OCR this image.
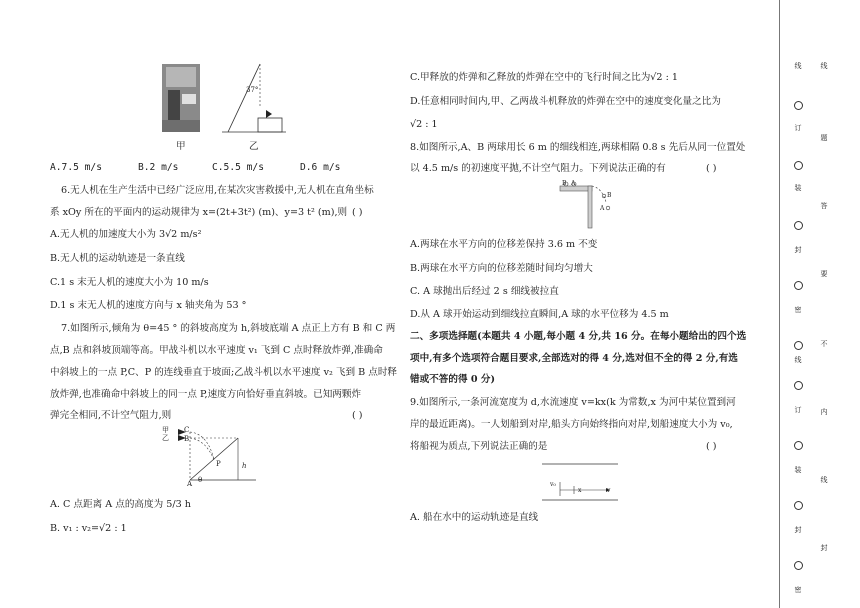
37°
甲	乙
A.7.5 m/s	B.2 m/s	C.5.5 m/s	D.6 m/s
6.无人机在生产生活中已经广泛应用,在某次灾害救援中,无人机在直角坐标
系 xOy 所在的平面内的运动规律为 x=(2t+3t²) (m)、y=3 t² (m),则 ( )
A.无人机的加速度大小为 3√2 m/s²
B.无人机的运动轨迹是一条直线
C.1 s 末无人机的速度大小为 10 m/s
D.1 s 末无人机的速度方向与 x 轴夹角为 53 °
7.如图所示,倾角为 θ=45 ° 的斜坡高度为 h,斜坡底端 A 点正上方有 B 和 C 两
点,B 点和斜坡顶端等高。甲战斗机以水平速度 v₁ 飞到 C 点时释放炸弹,准确命
中斜坡上的一点 P,C、P 的连线垂直于坡面;乙战斗机以水平速度 v₂ 飞到 B 点时释
放炸弹,也准确命中斜坡上的同一点 P,速度方向恰好垂直斜坡。已知两颗炸
弹完全相同,不计空气阻力,则	( )
甲
乙
C
B
P
A θ
h
A. C 点距离 A 点的高度为 5/3 h
B. v₁ : v₂=√2 : 1
C.甲释放的炸弹和乙释放的炸弹在空中的飞行时间之比为√2 : 1
D.任意相同时间内,甲、乙两战斗机释放的炸弹在空中的速度变化量之比为
√2 : 1
8.如图所示,A、B 两球用长 6 m 的细线相连,两球相隔 0.8 s 先后从同一位置处
以 4.5 m/s 的初速度平抛,不计空气阻力。下列说法正确的有	( )
B A
B
A
A.两球在水平方向的位移差保持 3.6 m 不变
B.两球在水平方向的位移差随时间均匀增大
C. A 球抛出后经过 2 s 细线被拉直
D.从 A 球开始运动到细线拉直瞬间,A 球的水平位移为 4.5 m
二、多项选择题(本题共 4 小题,每小题 4 分,共 16 分。在每小题给出的四个选
项中,有多个选项符合题目要求,全部选对的得 4 分,选对但不全的得 2 分,有选
错或不答的得 0 分)
9.如图所示,一条河流宽度为 d,水流速度 v=kx(k 为常数,x 为河中某位置到河
岸的最近距离)。一人划船到对岸,船头方向始终指向对岸,划船速度大小为 v₀,
将船视为质点,下列说法正确的是	( )
v₀
x	v
A. 船在水中的运动轨迹是直线
线
订
装
封
密
线
订
装
封
密
线
题
答
要
不
内
线
封
